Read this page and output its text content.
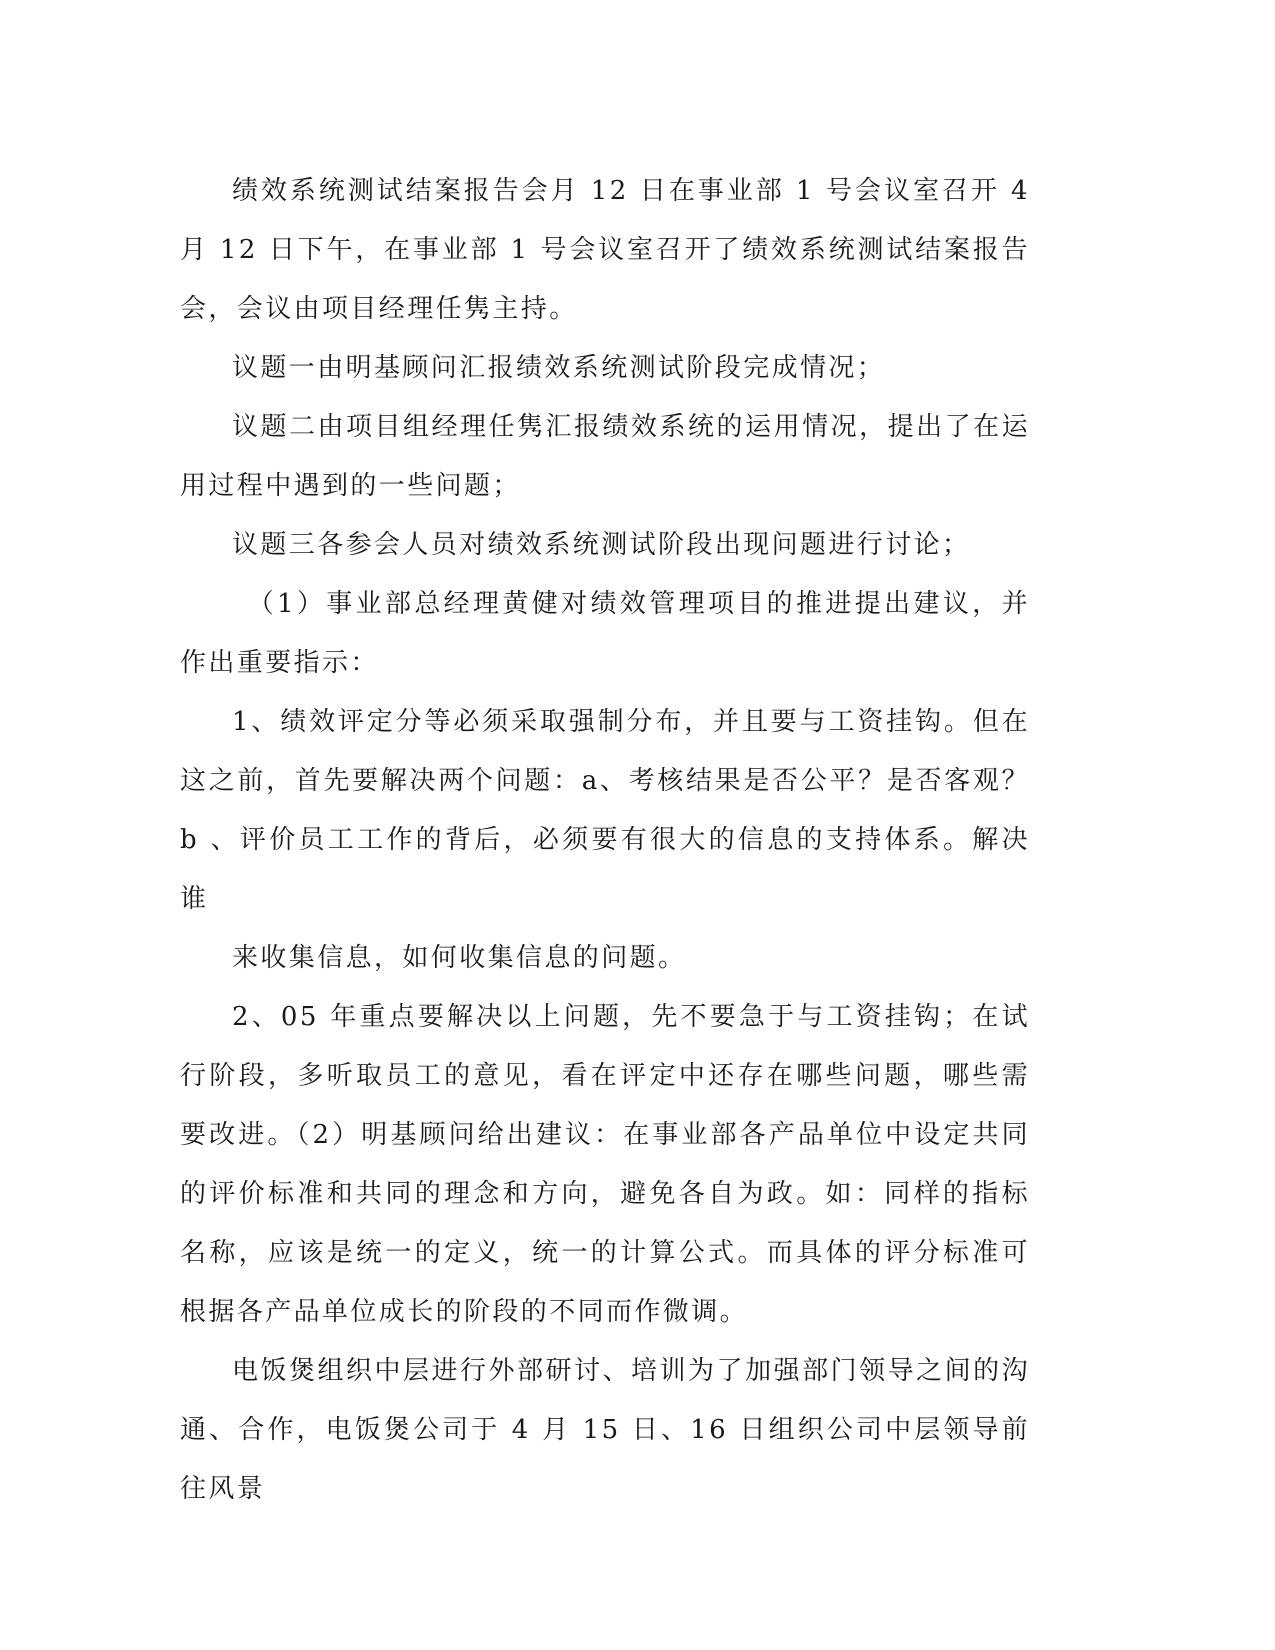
绩效系统测试结案报告会月 12 日在事业部 1 号会议室召开 4 月 12 日下午，在事业部 1 号会议室召开了绩效系统测试结案报告会，会议由项目经理任隽主持。

议题一由明基顾问汇报绩效系统测试阶段完成情况；

议题二由项目组经理任隽汇报绩效系统的运用情况，提出了在运用过程中遇到的一些问题；

议题三各参会人员对绩效系统测试阶段出现问题进行讨论；

（1）事业部总经理黄健对绩效管理项目的推进提出建议，并作出重要指示：

1、绩效评定分等必须采取强制分布，并且要与工资挂钩。但在这之前，首先要解决两个问题：a、考核结果是否公平？是否客观？b 、评价员工工作的背后，必须要有很大的信息的支持体系。解决谁

来收集信息，如何收集信息的问题。

2、05 年重点要解决以上问题，先不要急于与工资挂钩；在试行阶段，多听取员工的意见，看在评定中还存在哪些问题，哪些需要改进。（2）明基顾问给出建议：在事业部各产品单位中设定共同的评价标准和共同的理念和方向，避免各自为政。如：同样的指标名称，应该是统一的定义，统一的计算公式。而具体的评分标准可根据各产品单位成长的阶段的不同而作微调。

电饭煲组织中层进行外部研讨、培训为了加强部门领导之间的沟通、合作，电饭煲公司于 4 月 15 日、16 日组织公司中层领导前往风景
